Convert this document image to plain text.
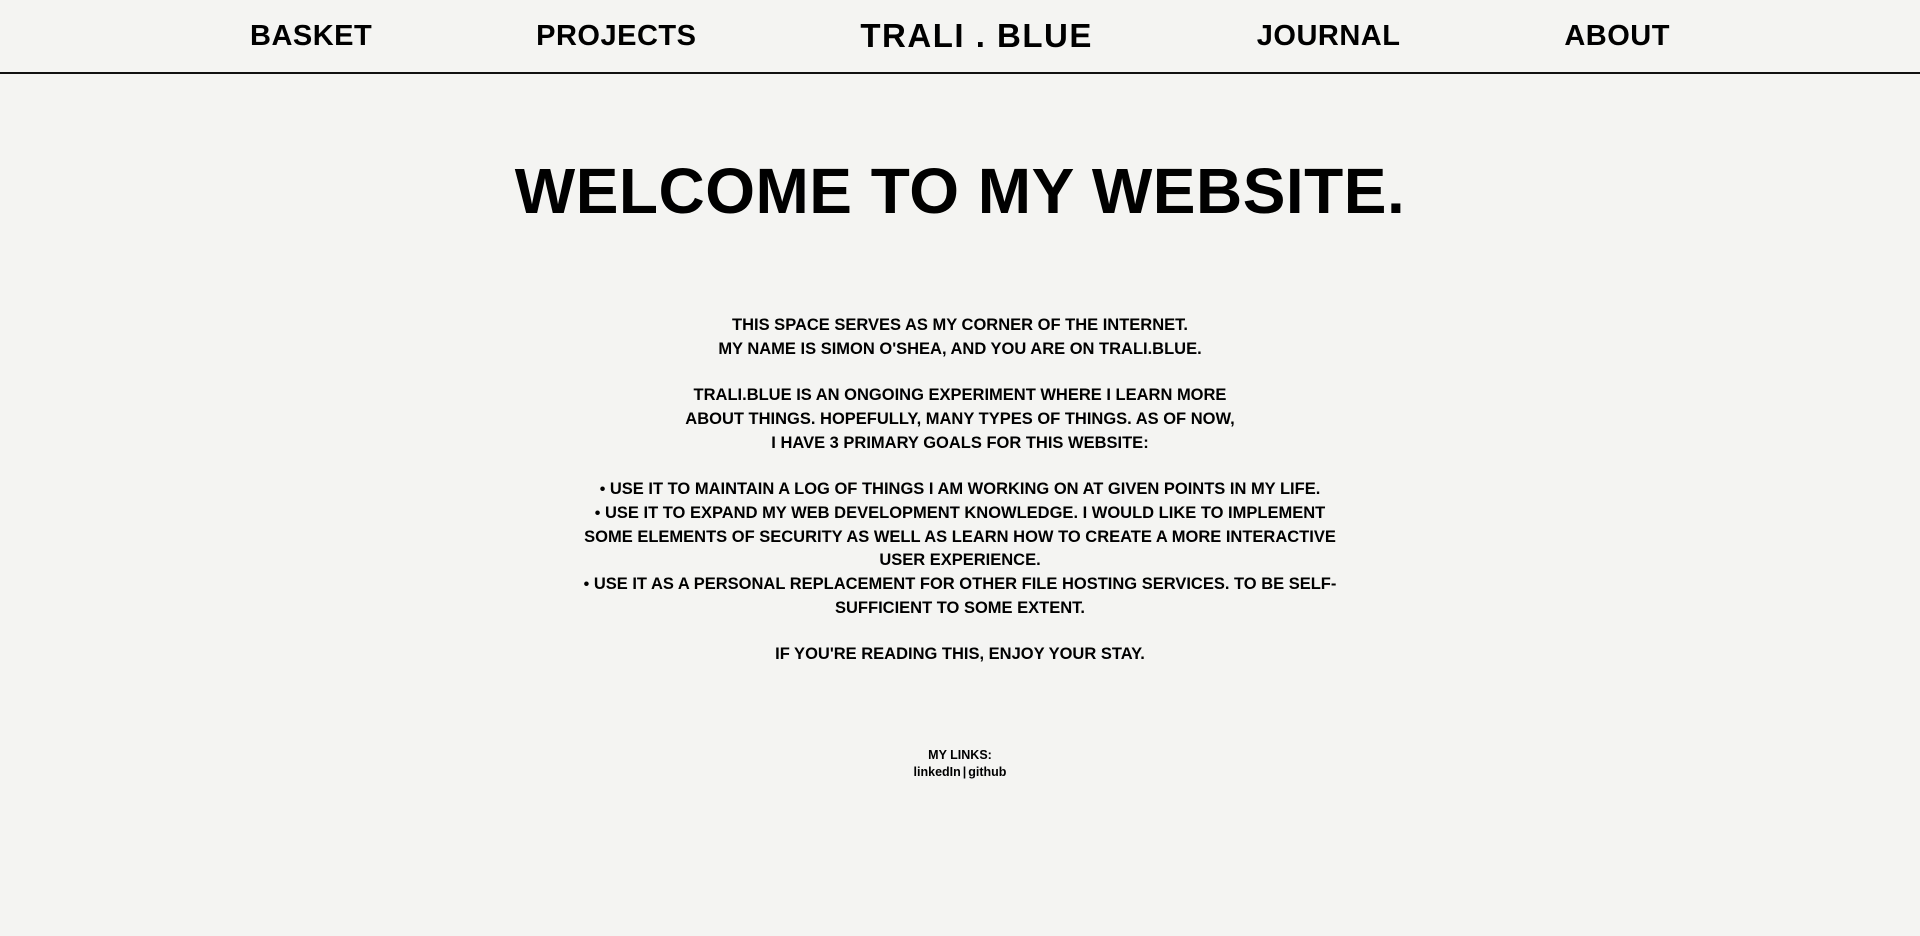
BASKET	PROJECTS	TRALI . BLUE	JOURNAL	ABOUT
WELCOME TO MY WEBSITE.

THIS SPACE SERVES AS MY CORNER OF THE INTERNET.
MY NAME IS SIMON O'SHEA, AND YOU ARE ON TRALI.BLUE.

TRALI.BLUE IS AN ONGOING EXPERIMENT WHERE I LEARN MORE
ABOUT THINGS. HOPEFULLY, MANY TYPES OF THINGS. AS OF NOW,
I HAVE 3 PRIMARY GOALS FOR THIS WEBSITE:

• USE IT TO MAINTAIN A LOG OF THINGS I AM WORKING ON AT GIVEN POINTS IN MY LIFE.
• USE IT TO EXPAND MY WEB DEVELOPMENT KNOWLEDGE. I WOULD LIKE TO IMPLEMENT SOME ELEMENTS OF SECURITY AS WELL AS LEARN HOW TO CREATE A MORE INTERACTIVE USER EXPERIENCE.
• USE IT AS A PERSONAL REPLACEMENT FOR OTHER FILE HOSTING SERVICES. TO BE SELF-SUFFICIENT TO SOME EXTENT.

IF YOU'RE READING THIS, ENJOY YOUR STAY.

MY LINKS:
linkedIn | github
